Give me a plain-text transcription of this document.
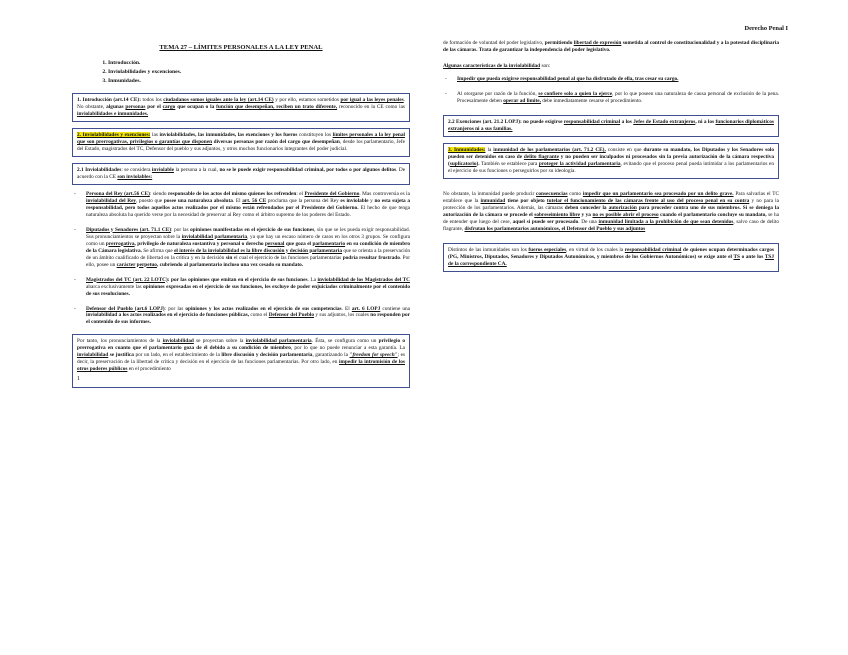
Derecho Penal I
TEMA 27 – LÍMITES PERSONALES A LA LEY PENAL
1. Introducción.
2. Inviolabilidades y excenciones.
3. Inmunidades.
1. Introducción (art.14 CE): todos los ciudadanos somos iguales ante la ley (art.14 CE) y por ello, estamos sometidos por igual a las leyes penales. No obstante, algunas personas por el cargo que ocupan o la función que desempeñan, reciben un trato diferente, reconocido en la CE como las inviolabilidades e inmunidades.
2. Inviolabilidades y exenciones: las inviolabilidades, las inmunidades, las exenciones y los fueros constituyen los límites personales a la ley penal que son prerrogativas, privilegios o garantías que disponen diversas personas por razón del cargo que desempeñan, desde los parlamentario, Jefe del Estado, magistrados del TC, Defensor del pueblo y sus adjuntos, y otros muchos funcionarios integrantes del poder judicial.
2.1 Inviolabilidades: se considera inviolable la persona a la cual, no se le puede exigir responsabilidad criminal, por todos o por algunos delitos. De acuerdo con la CE son inviolables:
- Persona del Rey (art.56 CE): siendo responsable de los actos del mismo quienes los refrenden: el Presidente del Gobierno. Mas controversia es la inviolabilidad del Rey, puesto que posee una naturaleza absoluta. El art. 56 CE proclama que la persona del Rey es inviolable y no esta sujeta a responsabilidad, pero todos aquellos actos realizados por el mismo están refrendados por el Presidente del Gobierno. El hecho de que tenga naturaleza absoluta ha querido verse por la necesidad de preservar al Rey como el árbitro supremo de los poderes del Estado.
- Diputados y Senadores (art. 71.1 CE): por las opiniones manifestadas en el ejercicio de sus funciones, sin que se les pueda exigir responsabilidad. Sus pronunciamientos se proyectan sobre la inviolabilidad parlamentaria, ya que hay un escaso número de casos en los otros 3 grupos. Se configura como un prerrogativa, privilegio de naturaleza sustantiva y personal o derecho personal que goza el parlamentario en su condición de miembro de la Cámara legislativa. Se afirma que el interés de la inviolabilidad es la libre discusión y decisión parlamentaria que se orienta a la preservación de un ámbito cualificado de libertad en la crítica y en la decisión sin el cual el ejercicio de las funciones parlamentarias podría resultar frustrado. Por ello, posee un carácter perpetuo, cubriendo al parlamentario incluso una vez cesado su mandato.
- Magistrados del TC (art. 22 LOTC): por las opiniones que emitan en el ejercicio de sus funciones. La inviolabilidad de los Magistrados del TC abarca exclusivamente las opiniones expresadas en el ejercicio de sus funciones, les excluye de poder enjuiciados criminalmente por el contenido de sus resoluciones.
- Defensor del Pueblo (art.6 LOPJ): por las opiniones y los actos realizados en el ejercicio de sus competencias. El art. 6 LOPJ contiene una inviolabilidad a los actos realizados en el ejercicio de funciones públicas, como el Defensor del Pueblo y sus adjuntos, los cuales no responden por el contenido de sus informes.
Por tanto, los pronunciamientos de la inviolabilidad se proyectan sobre la inviolabilidad parlamentaria. Ésta, se configura como un privilegio o prerrogativa en cuanto que el parlamentario goza de él debido a su condición de miembro, por lo que no puede renunciar a esta garantía. La inviolabilidad se justifica por un lado, en el establecimiento de la libre discusión y decisión parlamentaria, garantizando la "freedom for speech"; es decir, la preservación de la libertad de crítica y decisión en el ejercicio de las funciones parlamentarias. Por otro lado, en impedir la intromisión de los otros poderes públicos en el procedimiento
1

de formación de voluntad del poder legislativo, permitiendo libertad de expresión sometida al control de constitucionalidad y a la potestad disciplinaria de las cámaras. Trata de garantizar la independencia del poder legislativo.

Algunas características de la inviolabilidad son:

- Impedir que pueda exigirse responsabilidad penal al que ha disfrutado de ella, tras cesar su cargo.
- Al otorgarse por razón de la función, se confiere solo a quien la ejerce, por lo que poseen una naturaleza de causa personal de exclusión de la pena. Procesalmente deben operar ad limite, debe inmediatamente cesarse el procedimiento.
2.2 Exenciones (art. 21.2 LOPJ): no puede exigirse responsabilidad criminal a los Jefes de Estado extranjeros, ni a los funcionarios diplomáticos extranjeros ni a sus familias.
3. Inmunidades: la inmunidad de los parlamentarios (art. 71.2 CE), consiste en que durante su mandato, los Diputados y los Senadores solo pueden ser detenidos en caso de delito flagrante y no pueden ser inculpados ni procesados sin la previa autorización de la cámara respectiva (suplicatorio). También se establece para proteger la actividad parlamentaria, evitando que el proceso penal pueda intimidar a los parlamentarios en el ejercicio de sus funciones o perseguirlos por su ideología.

No obstante, la inmunidad puede producir consecuencias como impedir que un parlamentario sea procesado por un delito grave. Para salvarlas el TC establece que la inmunidad tiene por objeto tutelar el funcionamiento de las cámaras frente al uso del proceso penal en su contra y no para la protección de los parlamentarios. Además, las cámaras deben conceder la autorización para proceder contra uno de sus miembros. Si se deniega la autorización de la cámara se procede el sobreseimiento libre y ya no es posible abrir el proceso cuando el parlamentario concluye su mandato, se ha de entender que luego del cese, aquel si puede ser procesado. De una inmunidad limitada a la prohibición de que sean detenidos, salvo caso de delito flagrante, disfrutan los parlamentarios autonómicos, el Defensor del Pueblo y sus adjuntos

Distintos de las inmunidades son los fueros especiales, en virtud de los cuales la responsabilidad criminal de quienes ocupan determinados cargos (PG, Ministros, Diputados, Senadores y Diputados Autonómicos, y miembros de los Gobiernos Autonómicos) se exige ante el TS o ante los TSJ de la correspondiente CA.
